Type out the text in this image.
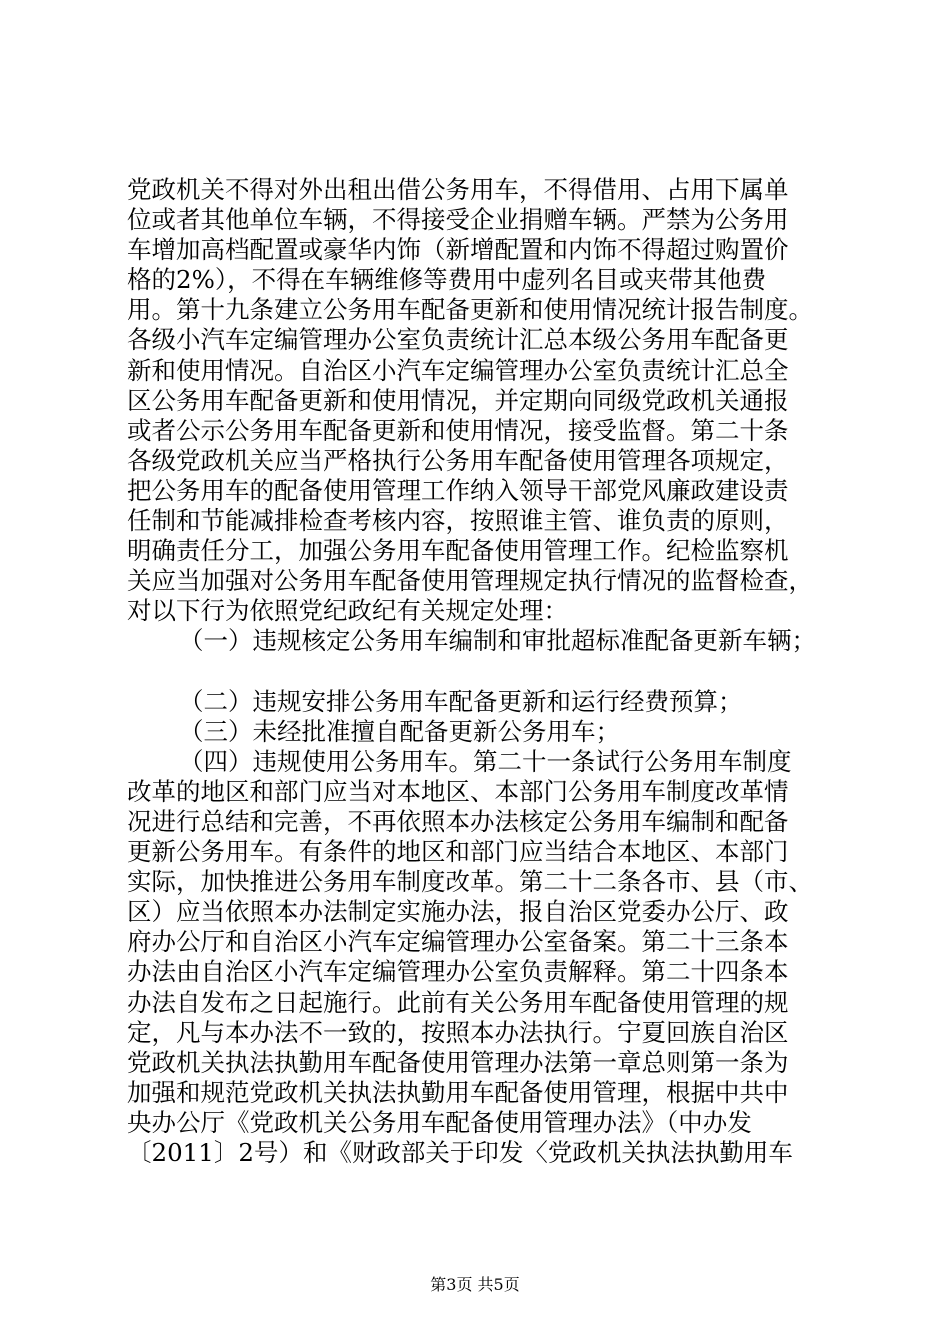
党政机关不得对外出租出借公务用车，不得借用、占用下属单
位或者其他单位车辆，不得接受企业捐赠车辆。严禁为公务用
车增加高档配置或豪华内饰（新增配置和内饰不得超过购置价
格的2%），不得在车辆维修等费用中虚列名目或夹带其他费
用。第十九条建立公务用车配备更新和使用情况统计报告制度。
各级小汽车定编管理办公室负责统计汇总本级公务用车配备更
新和使用情况。自治区小汽车定编管理办公室负责统计汇总全
区公务用车配备更新和使用情况，并定期向同级党政机关通报
或者公示公务用车配备更新和使用情况，接受监督。第二十条
各级党政机关应当严格执行公务用车配备使用管理各项规定，
把公务用车的配备使用管理工作纳入领导干部党风廉政建设责
任制和节能减排检查考核内容，按照谁主管、谁负责的原则，
明确责任分工，加强公务用车配备使用管理工作。纪检监察机
关应当加强对公务用车配备使用管理规定执行情况的监督检查，
对以下行为依照党纪政纪有关规定处理：
（一）违规核定公务用车编制和审批超标准配备更新车辆；
（二）违规安排公务用车配备更新和运行经费预算；
（三）未经批准擅自配备更新公务用车；
（四）违规使用公务用车。第二十一条试行公务用车制度
改革的地区和部门应当对本地区、本部门公务用车制度改革情
况进行总结和完善，不再依照本办法核定公务用车编制和配备
更新公务用车。有条件的地区和部门应当结合本地区、本部门
实际，加快推进公务用车制度改革。第二十二条各市、县（市、
区）应当依照本办法制定实施办法，报自治区党委办公厅、政
府办公厅和自治区小汽车定编管理办公室备案。第二十三条本
办法由自治区小汽车定编管理办公室负责解释。第二十四条本
办法自发布之日起施行。此前有关公务用车配备使用管理的规
定，凡与本办法不一致的，按照本办法执行。宁夏回族自治区
党政机关执法执勤用车配备使用管理办法第一章总则第一条为
加强和规范党政机关执法执勤用车配备使用管理，根据中共中
央办公厅《党政机关公务用车配备使用管理办法》（中办发
〔2011〕2号）和《财政部关于印发〈党政机关执法执勤用车
第3页 共5页
